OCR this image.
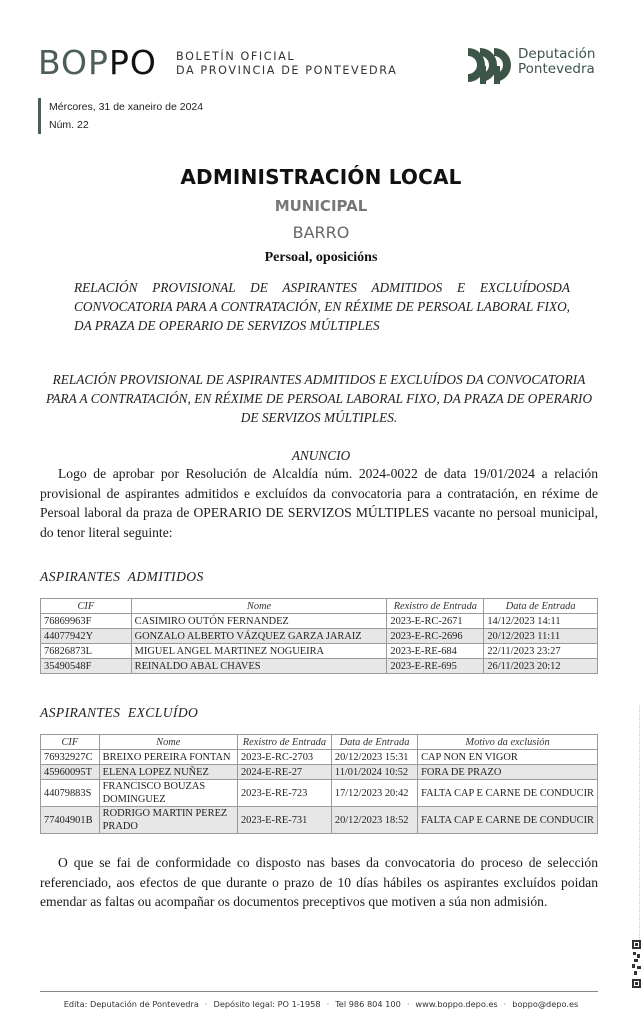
BOPPO BOLETÍN OFICIAL
DA PROVINCIA DE PONTEVEDRA
Mércores, 31 de xaneiro de 2024
Núm. 22
Deputación
Pontevedra
ADMINISTRACIÓN LOCAL
MUNICIPAL
BARRO
Persoal, oposicións
RELACIÓN PROVISIONAL DE ASPIRANTES ADMITIDOS E EXCLUÍDOSDA CONVOCATORIA PARA A CONTRATACIÓN, EN RÉXIME DE PERSOAL LABORAL FIXO, DA PRAZA DE OPERARIO DE SERVIZOS MÚLTIPLES
RELACIÓN PROVISIONAL DE ASPIRANTES ADMITIDOS E EXCLUÍDOS DA CONVOCATORIA PARA A CONTRATACIÓN, EN RÉXIME DE PERSOAL LABORAL FIXO, DA PRAZA DE OPERARIO DE SERVIZOS MÚLTIPLES.
ANUNCIO
Logo de aprobar por Resolución de Alcaldía núm. 2024-0022 de data 19/01/2024 a relación provisional de aspirantes admitidos e excluídos da convocatoria para a contratación, en réxime de Persoal laboral da praza de OPERARIO DE SERVIZOS MÚLTIPLES vacante no persoal municipal, do tenor literal seguinte:
ASPIRANTES  ADMITIDOS
CIF	Nome	Rexistro de Entrada	Data de Entrada
76869963F	CASIMIRO OUTÓN FERNANDEZ	2023-E-RC-2671	14/12/2023 14:11
44077942Y	GONZALO ALBERTO VÁZQUEZ GARZA JARAIZ	2023-E-RC-2696	20/12/2023 11:11
76826873L	MIGUEL ANGEL MARTINEZ NOGUEIRA	2023-E-RE-684	22/11/2023 23:27
35490548F	REINALDO ABAL CHAVES	2023-E-RE-695	26/11/2023 20:12
ASPIRANTES  EXCLUÍDO
CIF	Nome	Rexistro de Entrada	Data de Entrada	Motivo da exclusión
76932927C	BREIXO PEREIRA FONTAN	2023-E-RC-2703	20/12/2023 15:31	CAP NON EN VIGOR
45960095T	ELENA LOPEZ NUÑEZ	2024-E-RE-27	11/01/2024 10:52	FORA DE PRAZO
44079883S	FRANCISCO BOUZAS DOMINGUEZ	2023-E-RE-723	17/12/2023 20:42	FALTA CAP E CARNE DE CONDUCIR
77404901B	RODRIGO MARTIN PEREZ PRADO	2023-E-RE-731	20/12/2023 18:52	FALTA CAP E CARNE DE CONDUCIR
O que se fai de conformidade co disposto nas bases da convocatoria do proceso de selección referenciado, aos efectos de que durante o prazo de 10 días hábiles os aspirantes excluídos poidan emendar as faltas ou acompañar os documentos preceptivos que motiven a súa non admisión.
Edita: Deputación de Pontevedra · Depósito legal: PO 1-1958 · Tel 986 804 100 · www.boppo.depo.es · boppo@depo.es
